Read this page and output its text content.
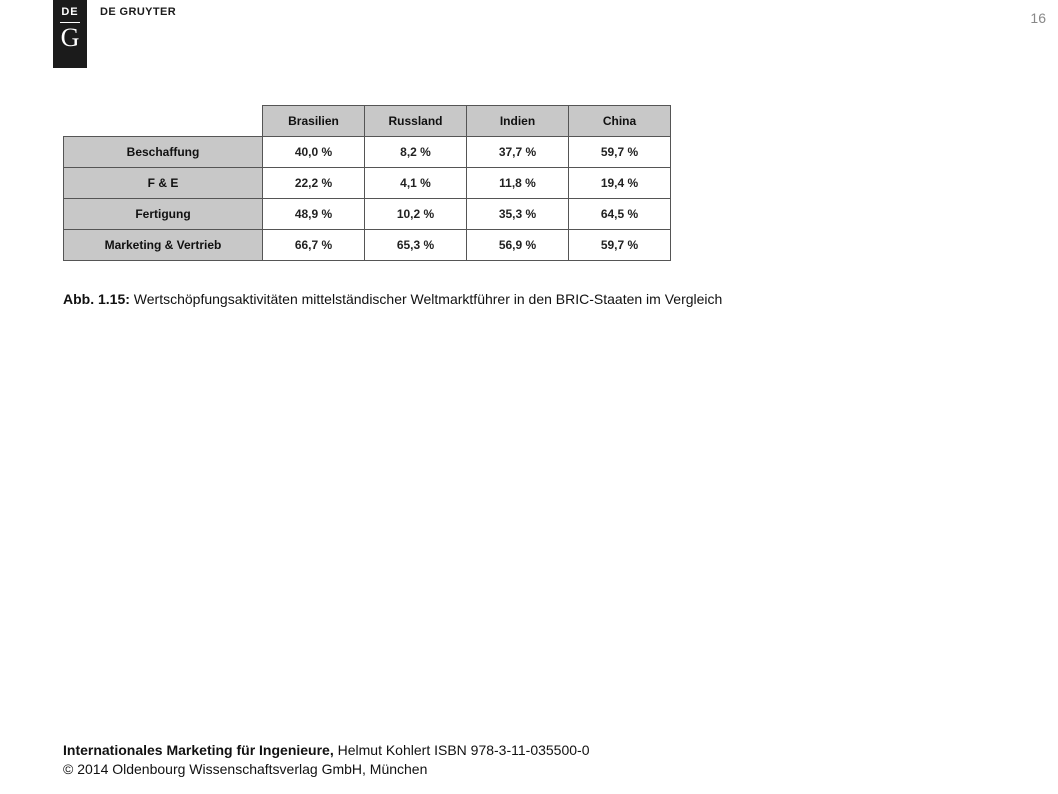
DE
G
DE GRUYTER	16
	Brasilien	Russland	Indien	China
Beschaffung	40,0 %	8,2 %	37,7 %	59,7 %
F & E	22,2 %	4,1 %	11,8 %	19,4 %
Fertigung	48,9 %	10,2 %	35,3 %	64,5 %
Marketing & Vertrieb	66,7 %	65,3 %	56,9 %	59,7 %
Abb. 1.15: Wertschöpfungsaktivitäten mittelständischer Weltmarktführer in den BRIC-Staaten im Vergleich
Internationales Marketing für Ingenieure, Helmut Kohlert ISBN 978-3-11-035500-0
© 2014 Oldenbourg Wissenschaftsverlag GmbH, München
